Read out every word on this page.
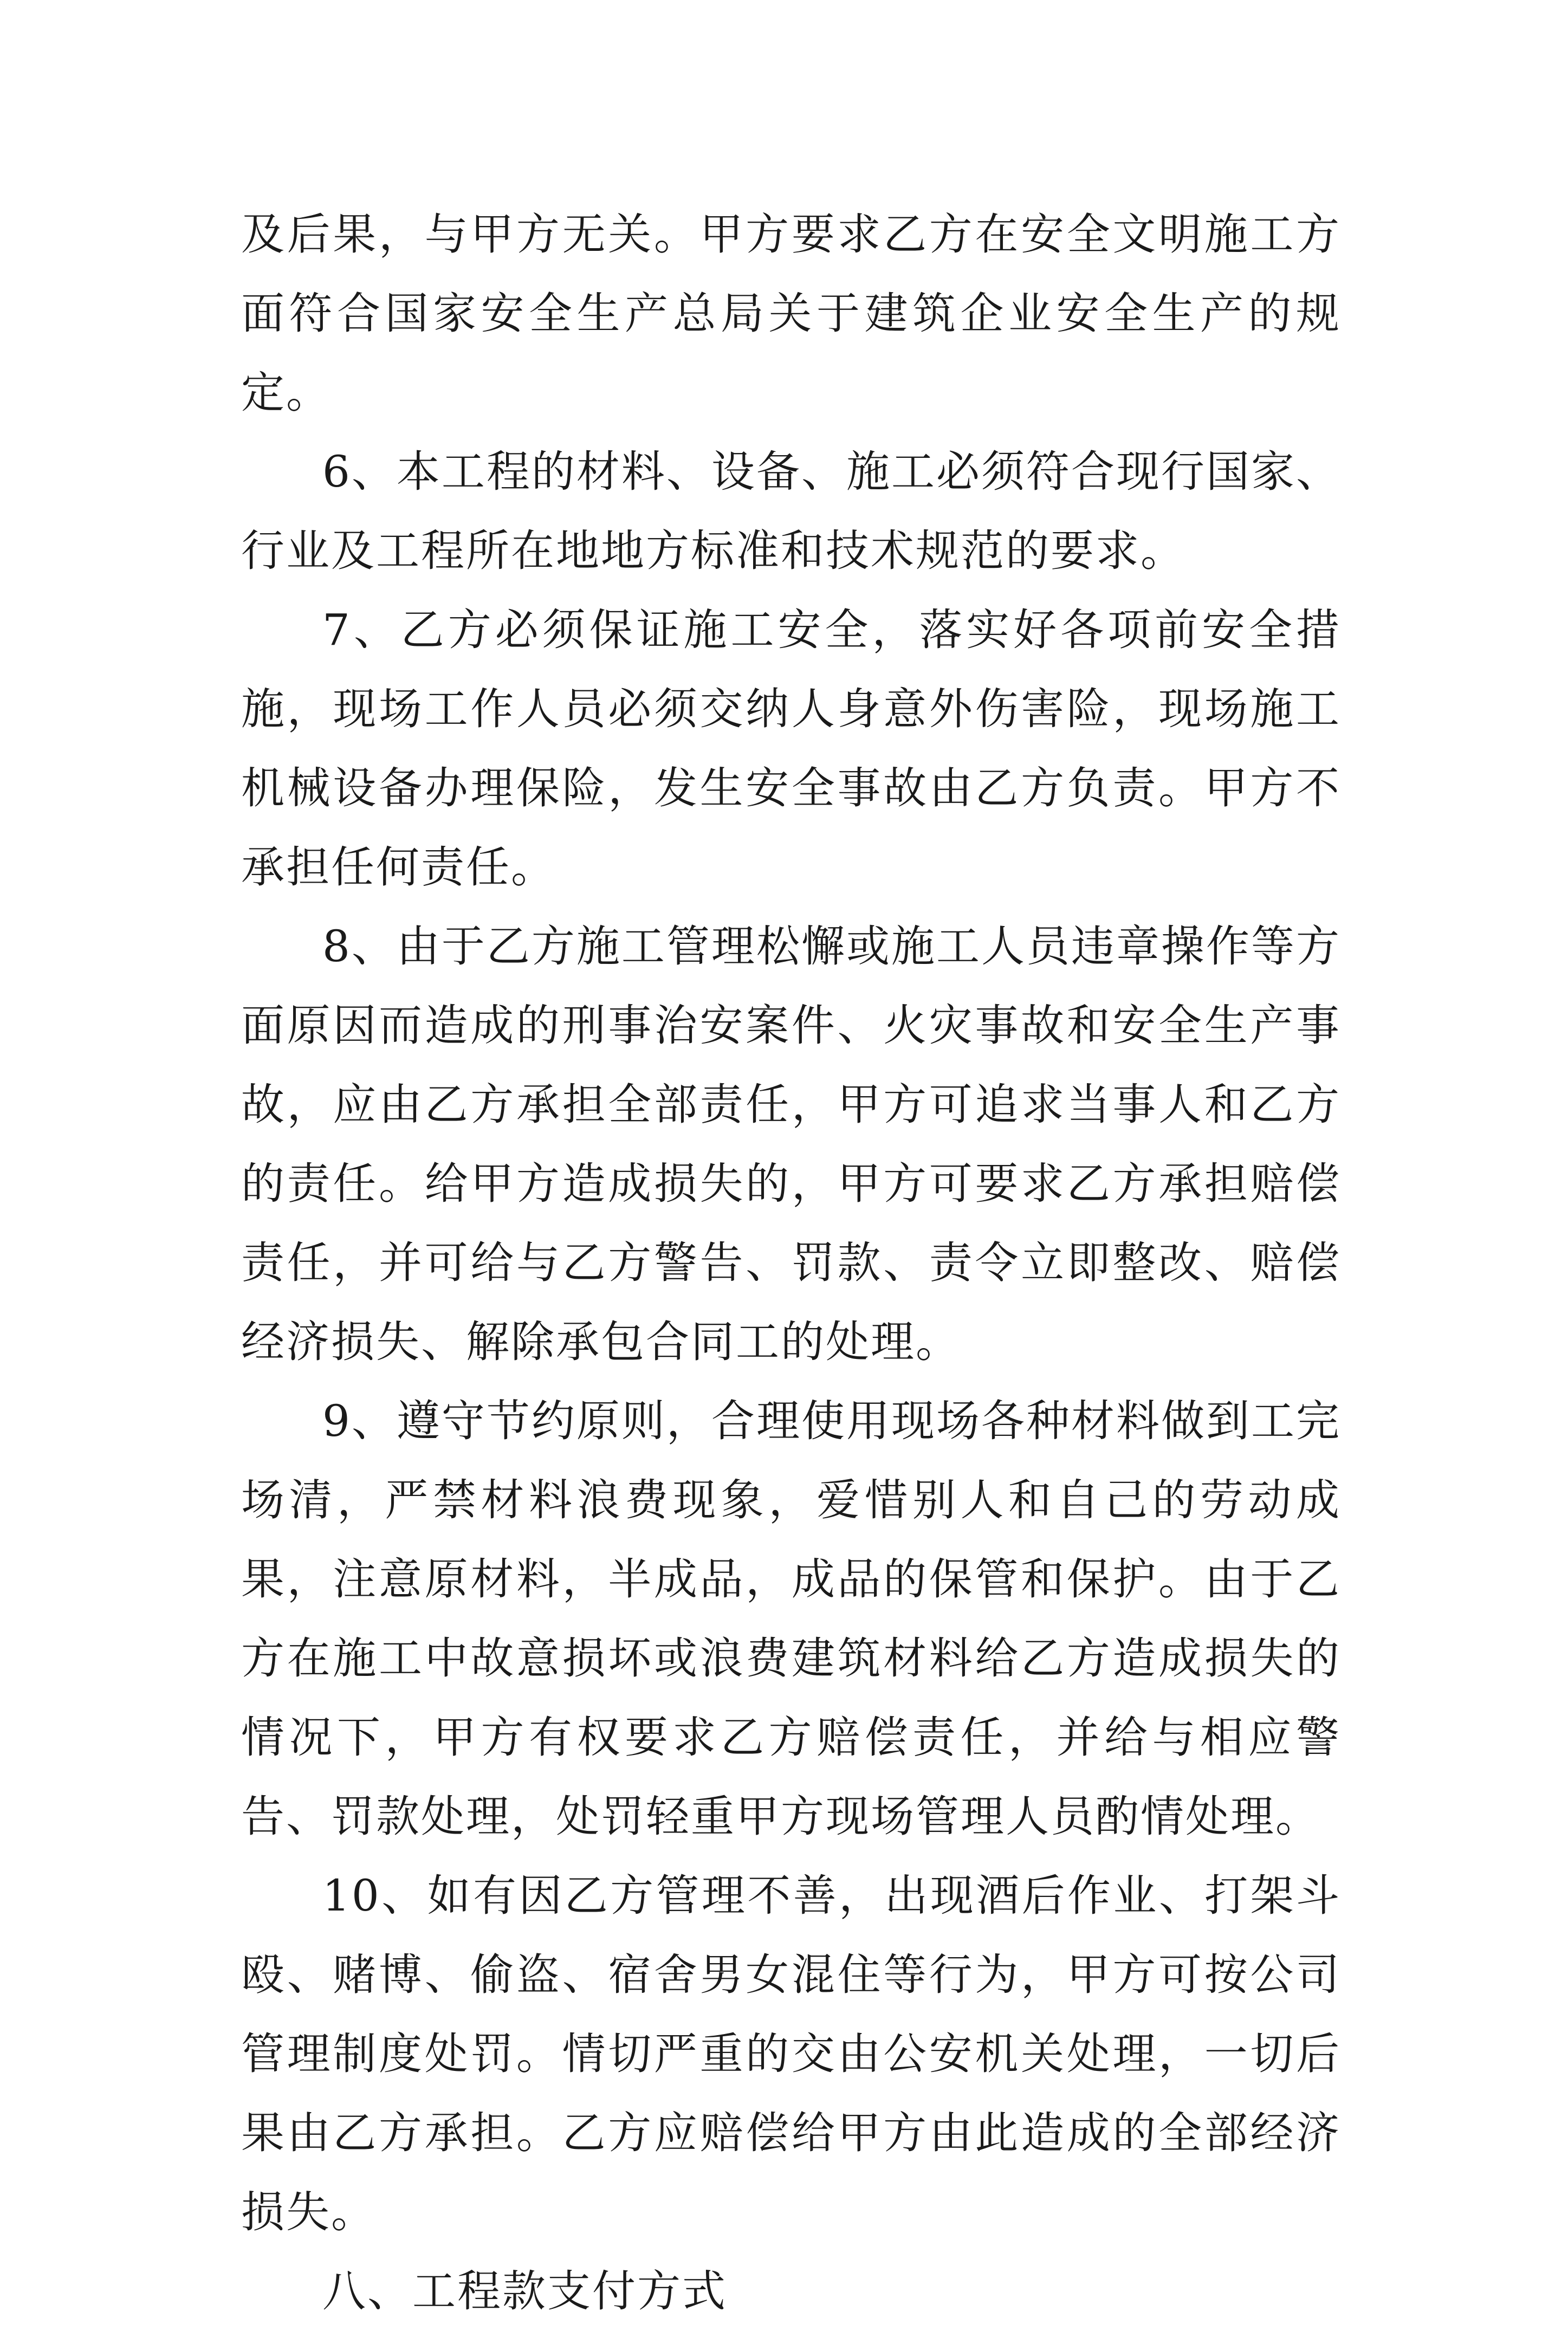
及后果，与甲方无关。甲方要求乙方在安全文明施工方面符合国家安全生产总局关于建筑企业安全生产的规定。

6、本工程的材料、设备、施工必须符合现行国家、行业及工程所在地地方标准和技术规范的要求。

7、乙方必须保证施工安全，落实好各项前安全措施，现场工作人员必须交纳人身意外伤害险，现场施工机械设备办理保险，发生安全事故由乙方负责。甲方不承担任何责任。

8、由于乙方施工管理松懈或施工人员违章操作等方面原因而造成的刑事治安案件、火灾事故和安全生产事故，应由乙方承担全部责任，甲方可追求当事人和乙方的责任。给甲方造成损失的，甲方可要求乙方承担赔偿责任，并可给与乙方警告、罚款、责令立即整改、赔偿经济损失、解除承包合同工的处理。

9、遵守节约原则，合理使用现场各种材料做到工完场清，严禁材料浪费现象，爱惜别人和自己的劳动成果，注意原材料，半成品，成品的保管和保护。由于乙方在施工中故意损坏或浪费建筑材料给乙方造成损失的情况下，甲方有权要求乙方赔偿责任，并给与相应警告、罚款处理，处罚轻重甲方现场管理人员酌情处理。

10、如有因乙方管理不善，出现酒后作业、打架斗殴、赌博、偷盗、宿舍男女混住等行为，甲方可按公司管理制度处罚。情切严重的交由公安机关处理，一切后果由乙方承担。乙方应赔偿给甲方由此造成的全部经济损失。

八、工程款支付方式
